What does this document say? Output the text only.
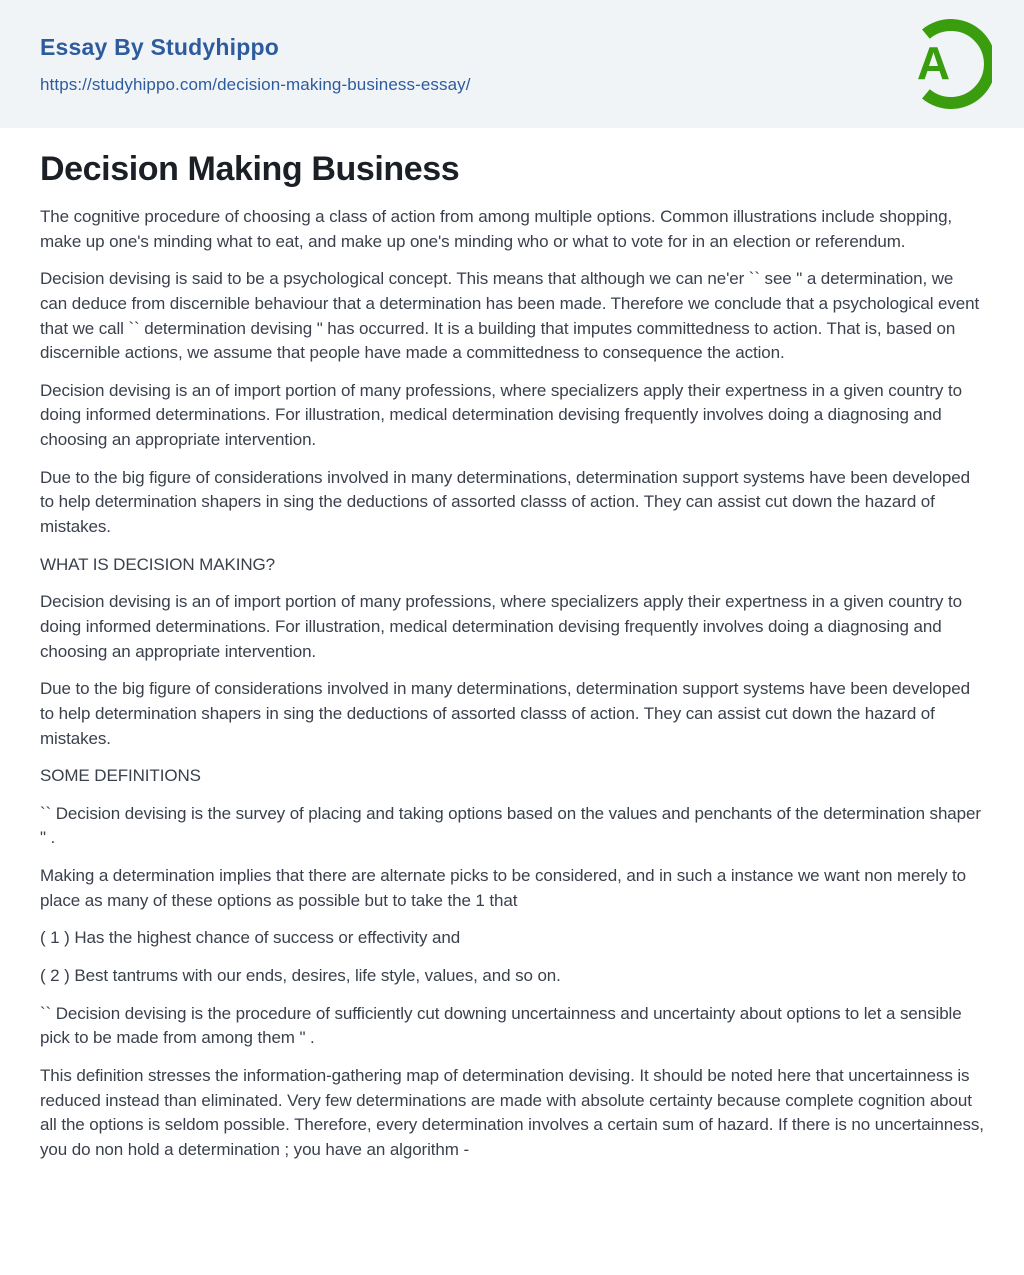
Essay By Studyhippo
https://studyhippo.com/decision-making-business-essay/	A
Decision Making Business

The cognitive procedure of choosing a class of action from among multiple options. Common illustrations include shopping, make up one's minding what to eat, and make up one's minding who or what to vote for in an election or referendum.

Decision devising is said to be a psychological concept. This means that although we can ne'er `` see " a determination, we can deduce from discernible behaviour that a determination has been made. Therefore we conclude that a psychological event that we call `` determination devising " has occurred. It is a building that imputes committedness to action. That is, based on discernible actions, we assume that people have made a committedness to consequence the action.

Decision devising is an of import portion of many professions, where specializers apply their expertness in a given country to doing informed determinations. For illustration, medical determination devising frequently involves doing a diagnosing and choosing an appropriate intervention.

Due to the big figure of considerations involved in many determinations, determination support systems have been developed to help determination shapers in sing the deductions of assorted classs of action. They can assist cut down the hazard of mistakes.

WHAT IS DECISION MAKING?

Decision devising is an of import portion of many professions, where specializers apply their expertness in a given country to doing informed determinations. For illustration, medical determination devising frequently involves doing a diagnosing and choosing an appropriate intervention.

Due to the big figure of considerations involved in many determinations, determination support systems have been developed to help determination shapers in sing the deductions of assorted classs of action. They can assist cut down the hazard of mistakes.

SOME DEFINITIONS

`` Decision devising is the survey of placing and taking options based on the values and penchants of the determination shaper " .

Making a determination implies that there are alternate picks to be considered, and in such a instance we want non merely to place as many of these options as possible but to take the 1 that

( 1 ) Has the highest chance of success or effectivity and

( 2 ) Best tantrums with our ends, desires, life style, values, and so on.

`` Decision devising is the procedure of sufficiently cut downing uncertainness and uncertainty about options to let a sensible pick to be made from among them " .

This definition stresses the information-gathering map of determination devising. It should be noted here that uncertainness is reduced instead than eliminated. Very few determinations are made with absolute certainty because complete cognition about all the options is seldom possible. Therefore, every determination involves a certain sum of hazard. If there is no uncertainness, you do non hold a determination ; you have an algorithm -
